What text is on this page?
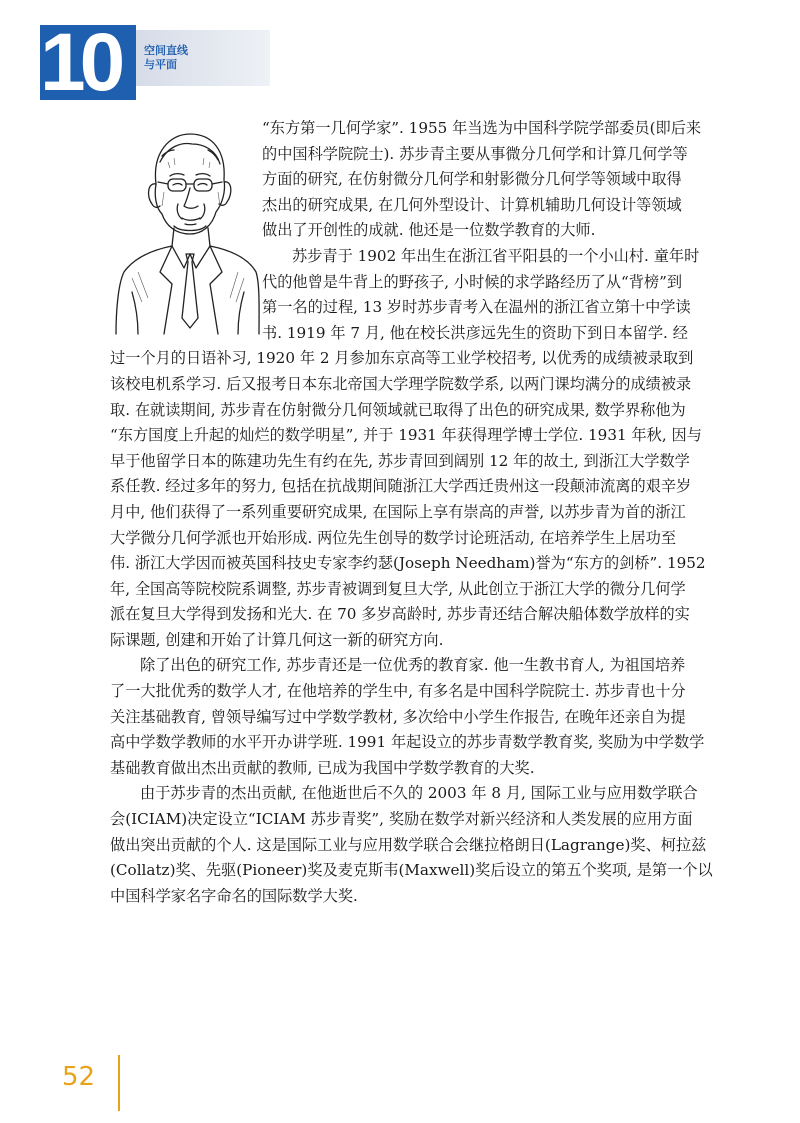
10	空间直线
与平面

“东方第一几何学家”. 1955 年当选为中国科学院学部委员(即后来
的中国科学院院士). 苏步青主要从事微分几何学和计算几何学等
方面的研究, 在仿射微分几何学和射影微分几何学等领域中取得
杰出的研究成果, 在几何外型设计、计算机辅助几何设计等领域
做出了开创性的成就. 他还是一位数学教育的大师.

苏步青于 1902 年出生在浙江省平阳县的一个小山村. 童年时
代的他曾是牛背上的野孩子, 小时候的求学路经历了从“背榜”到
第一名的过程, 13 岁时苏步青考入在温州的浙江省立第十中学读
书. 1919 年 7 月, 他在校长洪彦远先生的资助下到日本留学. 经

过一个月的日语补习, 1920 年 2 月参加东京高等工业学校招考, 以优秀的成绩被录取到
该校电机系学习. 后又报考日本东北帝国大学理学院数学系, 以两门课均满分的成绩被录
取. 在就读期间, 苏步青在仿射微分几何领域就已取得了出色的研究成果, 数学界称他为
“东方国度上升起的灿烂的数学明星”, 并于 1931 年获得理学博士学位. 1931 年秋, 因与
早于他留学日本的陈建功先生有约在先, 苏步青回到阔别 12 年的故土, 到浙江大学数学
系任教. 经过多年的努力, 包括在抗战期间随浙江大学西迁贵州这一段颠沛流离的艰辛岁
月中, 他们获得了一系列重要研究成果, 在国际上享有崇高的声誉, 以苏步青为首的浙江
大学微分几何学派也开始形成. 两位先生创导的数学讨论班活动, 在培养学生上居功至
伟. 浙江大学因而被英国科技史专家李约瑟(Joseph Needham)誉为“东方的剑桥”. 1952
年, 全国高等院校院系调整, 苏步青被调到复旦大学, 从此创立于浙江大学的微分几何学
派在复旦大学得到发扬和光大. 在 70 多岁高龄时, 苏步青还结合解决船体数学放样的实
际课题, 创建和开始了计算几何这一新的研究方向.

除了出色的研究工作, 苏步青还是一位优秀的教育家. 他一生教书育人, 为祖国培养
了一大批优秀的数学人才, 在他培养的学生中, 有多名是中国科学院院士. 苏步青也十分
关注基础教育, 曾领导编写过中学数学教材, 多次给中小学生作报告, 在晚年还亲自为提
高中学数学教师的水平开办讲学班. 1991 年起设立的苏步青数学教育奖, 奖励为中学数学
基础教育做出杰出贡献的教师, 已成为我国中学数学教育的大奖.

由于苏步青的杰出贡献, 在他逝世后不久的 2003 年 8 月, 国际工业与应用数学联合
会(ICIAM)决定设立“ICIAM 苏步青奖”, 奖励在数学对新兴经济和人类发展的应用方面
做出突出贡献的个人. 这是国际工业与应用数学联合会继拉格朗日(Lagrange)奖、柯拉兹
(Collatz)奖、先驱(Pioneer)奖及麦克斯韦(Maxwell)奖后设立的第五个奖项, 是第一个以
中国科学家名字命名的国际数学大奖.

52
